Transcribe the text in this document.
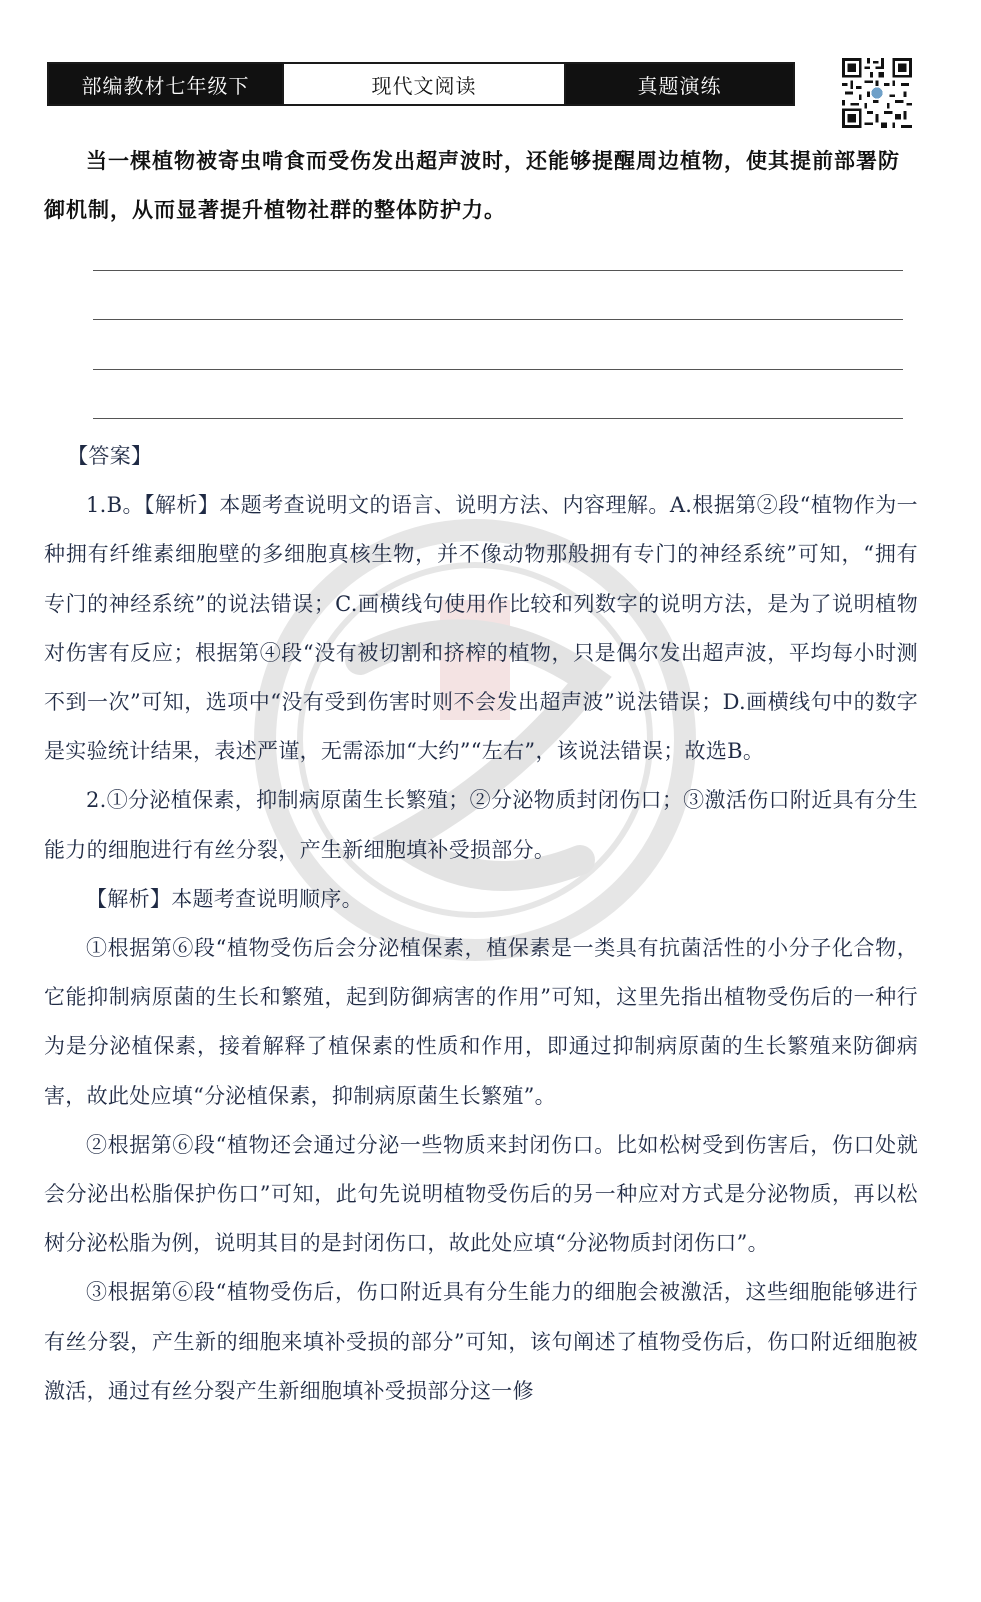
部编教材七年级下	现代文阅读	真题演练
当一棵植物被寄虫啃食而受伤发出超声波时，还能够提醒周边植物，使其提前部署防御机制，从而显著提升植物社群的整体防护力。

【答案】

1.B。【解析】本题考查说明文的语言、说明方法、内容理解。A.根据第②段“植物作为一种拥有纤维素细胞壁的多细胞真核生物，并不像动物那般拥有专门的神经系统”可知，“拥有专门的神经系统”的说法错误；C.画横线句使用作比较和列数字的说明方法，是为了说明植物对伤害有反应；根据第④段“没有被切割和挤榨的植物，只是偶尔发出超声波，平均每小时测不到一次”可知，选项中“没有受到伤害时则不会发出超声波”说法错误；D.画横线句中的数字是实验统计结果，表述严谨，无需添加“大约”“左右”，该说法错误；故选B。

2.①分泌植保素，抑制病原菌生长繁殖；②分泌物质封闭伤口；③激活伤口附近具有分生能力的细胞进行有丝分裂，产生新细胞填补受损部分。

【解析】本题考查说明顺序。

①根据第⑥段“植物受伤后会分泌植保素，植保素是一类具有抗菌活性的小分子化合物，它能抑制病原菌的生长和繁殖，起到防御病害的作用”可知，这里先指出植物受伤后的一种行为是分泌植保素，接着解释了植保素的性质和作用，即通过抑制病原菌的生长繁殖来防御病害，故此处应填“分泌植保素，抑制病原菌生长繁殖”。

②根据第⑥段“植物还会通过分泌一些物质来封闭伤口。比如松树受到伤害后，伤口处就会分泌出松脂保护伤口”可知，此句先说明植物受伤后的另一种应对方式是分泌物质，再以松树分泌松脂为例，说明其目的是封闭伤口，故此处应填“分泌物质封闭伤口”。

③根据第⑥段“植物受伤后，伤口附近具有分生能力的细胞会被激活，这些细胞能够进行有丝分裂，产生新的细胞来填补受损的部分”可知，该句阐述了植物受伤后，伤口附近细胞被激活，通过有丝分裂产生新细胞填补受损部分这一修
